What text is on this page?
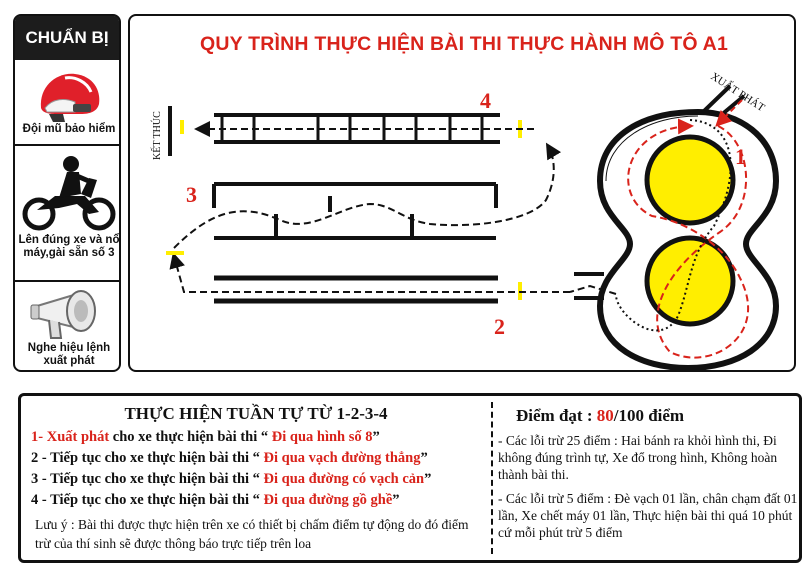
CHUẨN BỊ
Đội mũ bảo hiểm
Lên đúng xe và nổ máy,gài sẵn số 3
Nghe hiệu lệnh xuất phát
QUY TRÌNH THỰC HIỆN BÀI THI THỰC HÀNH MÔ TÔ A1
XUẤT PHÁT
KẾT THÚC	1
2
3
4
THỰC HIỆN TUẦN TỰ TỪ 1-2-3-4
1- Xuất phát cho xe thực hiện bài thi “ Đi qua hình số 8”
2 - Tiếp tục cho xe thực hiện bài thi “ Đi qua vạch đường thẳng”
3 - Tiếp tục cho xe thực hiện bài thi “ Đi qua đường có vạch cản”
4 - Tiếp tục cho xe thực hiện bài thi “ Đi qua đường gồ ghề”
Lưu ý : Bài thi được thực hiện trên xe có thiết bị chấm điểm tự động do đó điểm trừ của thí sinh sẽ được thông báo trực tiếp trên loa
Điểm đạt : 80/100 điểm
- Các lỗi trừ 25 điểm : Hai bánh ra khỏi hình thi, Đi không đúng trình tự, Xe đổ trong hình, Không hoàn thành bài thi.
- Các lỗi trừ 5 điểm : Đè vạch 01 lần, chân chạm đất 01 lần, Xe chết máy 01 lần, Thực hiện bài thi quá 10 phút cứ mỗi phút trừ 5 điểm
